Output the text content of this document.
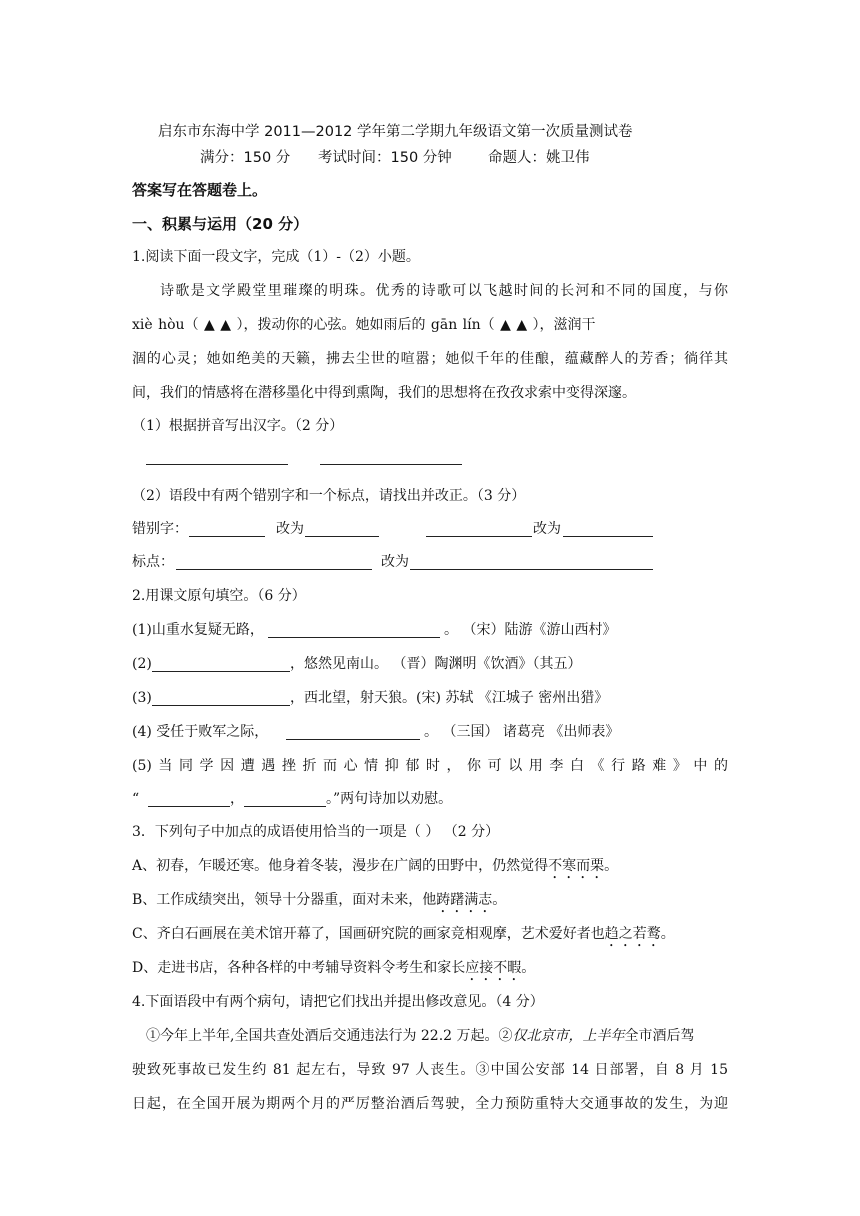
启东市东海中学 2011—2012 学年第二学期九年级语文第一次质量测试卷
满分：150 分 考试时间：150 分钟 命题人：姚卫伟
答案写在答题卷上。
一、积累与运用（20 分）
1.阅读下面一段文字，完成（1）-（2）小题。
诗歌是文学殿堂里璀璨的明珠。优秀的诗歌可以飞越时间的长河和不同的国度，与你
xiè hòu（ ▲ ▲ ），拨动你的心弦。她如雨后的 gān lín（ ▲ ▲ ），滋润干
涸的心灵；她如绝美的天籁，拂去尘世的喧嚣；她似千年的佳酿，蕴藏醉人的芳香；徜徉其
间，我们的情感将在潜移墨化中得到熏陶，我们的思想将在孜孜求索中变得深邃。
（1）根据拼音写出汉字。（2 分）
（2）语段中有两个错别字和一个标点，请找出并改正。（3 分）
错别字：	改为	改为
标点：	改为
2.用课文原句填空。（6 分）
(1)山重水复疑无路，	。 （宋）陆游《游山西村》
(2)	，悠然见南山。 （晋）陶渊明《饮酒》（其五）
(3)	，西北望，射天狼。(宋) 苏轼 《江城子 密州出猎》
(4) 受任于败军之际，	。 （三国） 诸葛亮 《出师表》
(5)当同学因遭遇挫折而心情抑郁时，你可以用李白《行路难》中的
“	，	。”两句诗加以劝慰。
3．下列句子中加点的成语使用恰当的一项是（ ） （2 分）
A、初春，乍暖还寒。他身着冬装，漫步在广阔的田野中，仍然觉得不寒而栗。
B、工作成绩突出，领导十分器重，面对未来，他踌躇满志。
C、齐白石画展在美术馆开幕了，国画研究院的画家竞相观摩，艺术爱好者也趋之若鹜。
D、走进书店，各种各样的中考辅导资料令考生和家长应接不暇。
4.下面语段中有两个病句，请把它们找出并提出修改意见。（4 分）
①今年上半年,全国共查处酒后交通违法行为 22.2 万起。②仅北京市，上半年全市酒后驾
驶致死事故已发生约 81 起左右，导致 97 人丧生。③中国公安部 14 日部署，自 8 月 15
日起，在全国开展为期两个月的严厉整治酒后驾驶，全力预防重特大交通事故的发生，为迎
